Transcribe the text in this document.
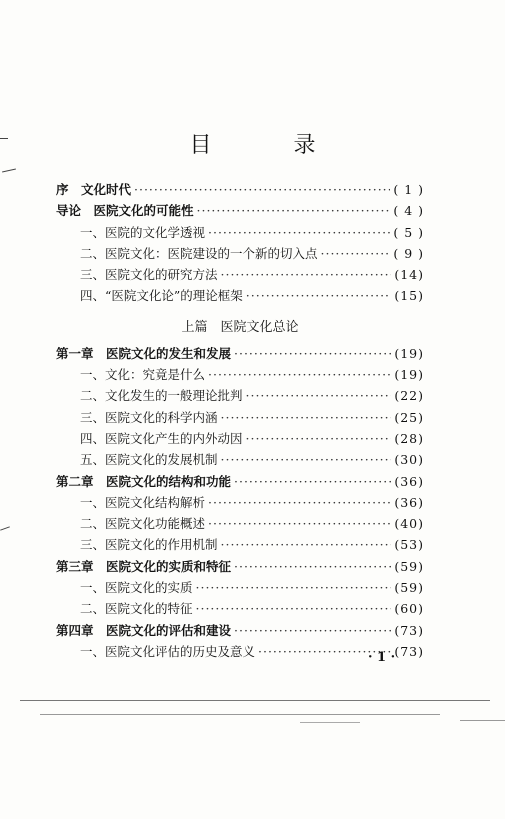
目　录
序　文化时代 ·····	( 1 )
导论　医院文化的可能性 ·····	( 4 )
一、医院的文化学透视 ·····	( 5 )
二、医院文化：医院建设的一个新的切入点 ·····	( 9 )
三、医院文化的研究方法 ·····	(14)
四、“医院文化论”的理论框架 ·····	(15)
上篇　医院文化总论
第一章　医院文化的发生和发展 ·····	(19)
一、文化：究竟是什么 ·····	(19)
二、文化发生的一般理论批判 ·····	(22)
三、医院文化的科学内涵 ·····	(25)
四、医院文化产生的内外动因 ·····	(28)
五、医院文化的发展机制 ·····	(30)
第二章　医院文化的结构和功能 ·····	(36)
一、医院文化结构解析 ·····	(36)
二、医院文化功能概述 ·····	(40)
三、医院文化的作用机制 ·····	(53)
第三章　医院文化的实质和特征 ·····	(59)
一、医院文化的实质 ·····	(59)
二、医院文化的特征 ·····	(60)
第四章　医院文化的评估和建设 ·····	(73)
一、医院文化评估的历史及意义 ·····	(73)
· 1 ·
